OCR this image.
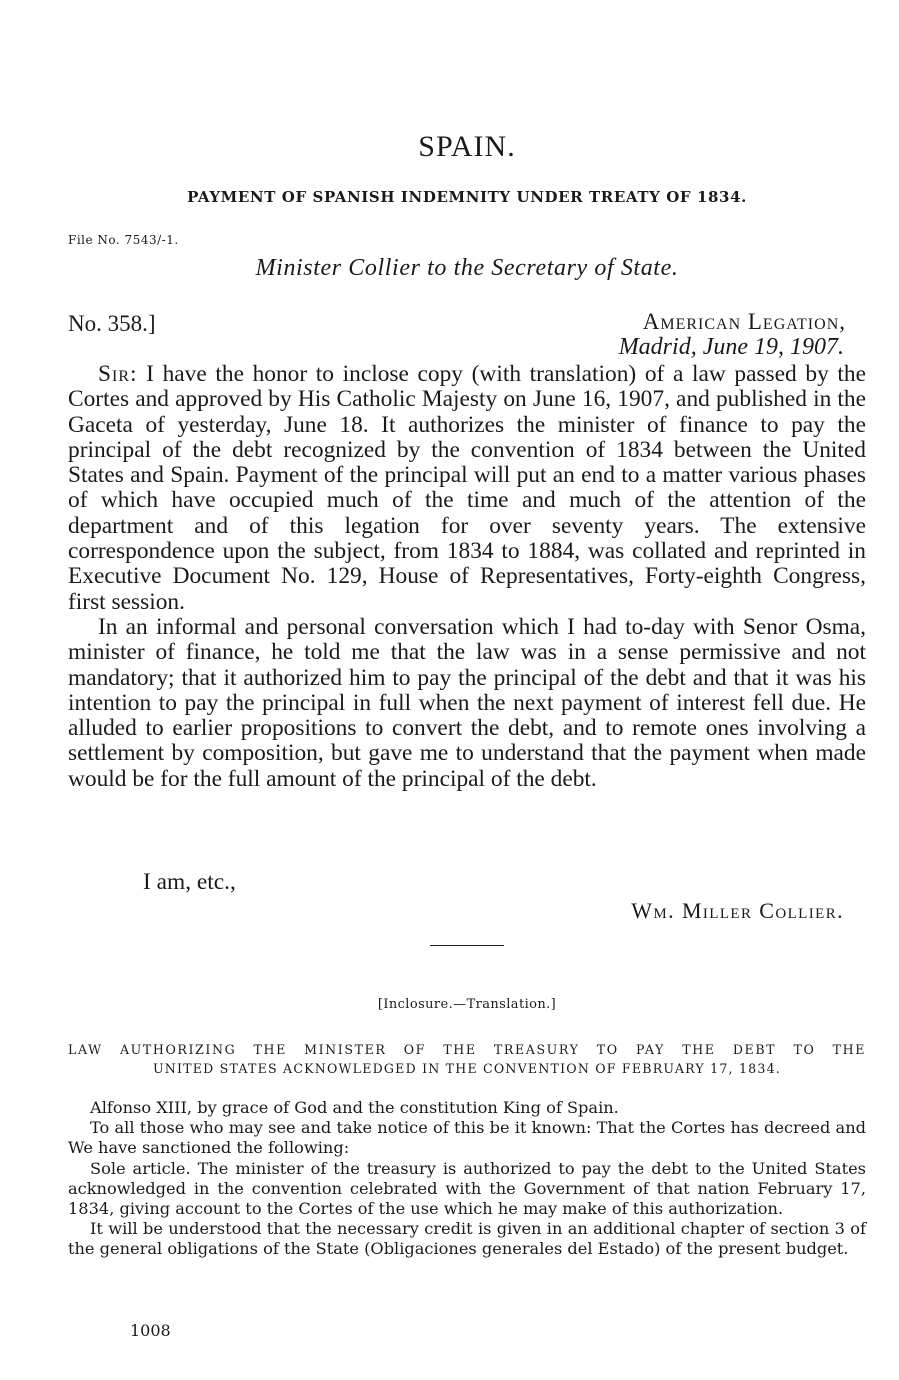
SPAIN.
PAYMENT OF SPANISH INDEMNITY UNDER TREATY OF 1834.
File No. 7543/-1.
Minister Collier to the Secretary of State.
No. 358.]	American Legation,
Madrid, June 19, 1907.

Sir: I have the honor to inclose copy (with translation) of a law passed by the Cortes and approved by His Catholic Majesty on June 16, 1907, and published in the Gaceta of yesterday, June 18. It authorizes the minister of finance to pay the principal of the debt recognized by the convention of 1834 between the United States and Spain. Payment of the principal will put an end to a matter various phases of which have occupied much of the time and much of the attention of the department and of this legation for over seventy years. The extensive correspondence upon the subject, from 1834 to 1884, was collated and reprinted in Executive Document No. 129, House of Representatives, Forty-eighth Congress, first session.

In an informal and personal conversation which I had to-day with Senor Osma, minister of finance, he told me that the law was in a sense permissive and not mandatory; that it authorized him to pay the principal of the debt and that it was his intention to pay the principal in full when the next payment of interest fell due. He alluded to earlier propositions to convert the debt, and to remote ones involving a settlement by composition, but gave me to understand that the payment when made would be for the full amount of the principal of the debt.

I am, etc.,
Wm. Miller Collier.
[Inclosure.—Translation.]
LAW AUTHORIZING THE MINISTER OF THE TREASURY TO PAY THE DEBT TO THE
UNITED STATES ACKNOWLEDGED IN THE CONVENTION OF FEBRUARY 17, 1834.

Alfonso XIII, by grace of God and the constitution King of Spain.

To all those who may see and take notice of this be it known: That the Cortes has decreed and We have sanctioned the following:

Sole article. The minister of the treasury is authorized to pay the debt to the United States acknowledged in the convention celebrated with the Government of that nation February 17, 1834, giving account to the Cortes of the use which he may make of this authorization.

It will be understood that the necessary credit is given in an additional chapter of section 3 of the general obligations of the State (Obligaciones generales del Estado) of the present budget.

1008
